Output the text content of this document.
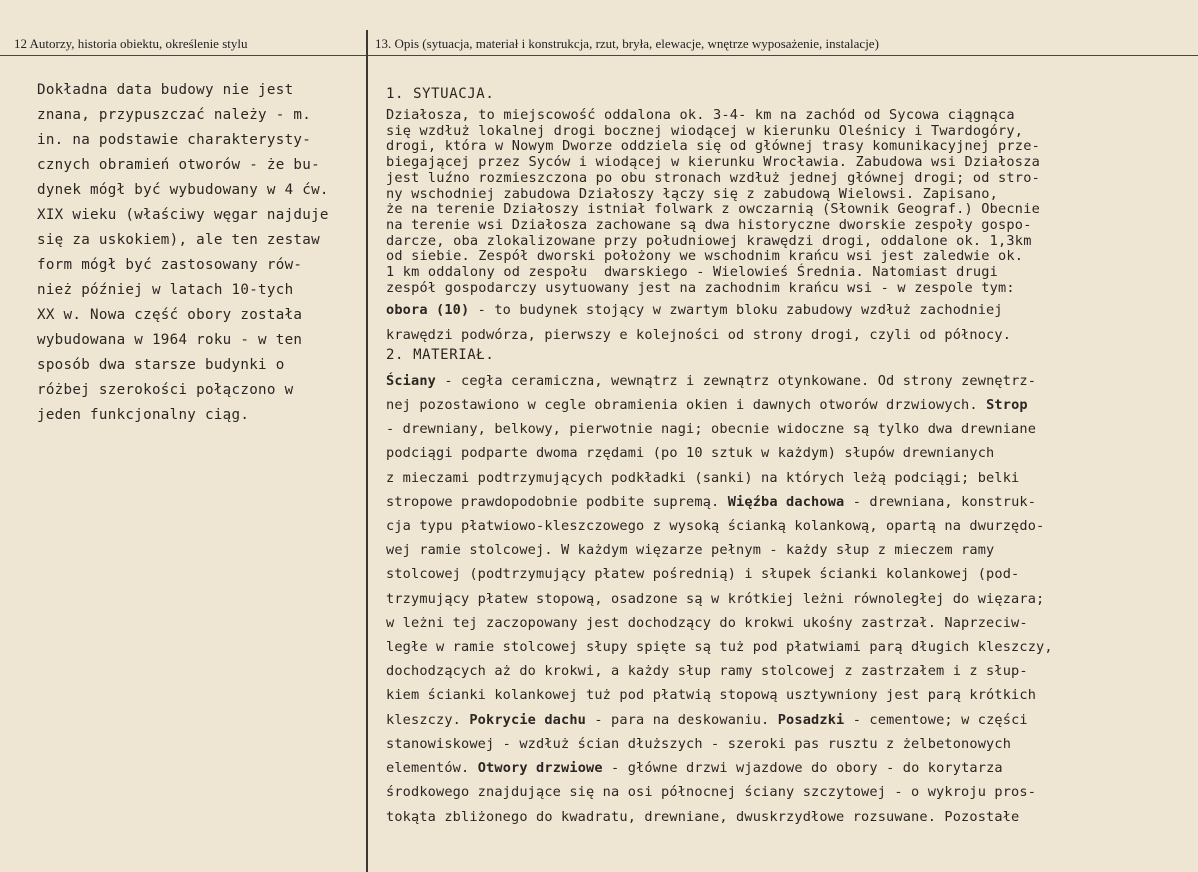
12 Autorzy, historia obiektu, określenie stylu	13. Opis (sytuacja, materiał i konstrukcja, rzut, bryła, elewacje, wnętrze wyposażenie, instalacje)
Dokładna data budowy nie jest
znana, przypuszczać należy - m.
in. na podstawie charakterysty-
cznych obramień otworów - że bu-
dynek mógł być wybudowany w 4 ćw.
XIX wieku (właściwy węgar najduje
się za uskokiem), ale ten zestaw
form mógł być zastosowany rów-
nież później w latach 10-tych
XX w. Nowa część obory została
wybudowana w 1964 roku - w ten
sposób dwa starsze budynki o
różbej szerokości połączono w
jeden funkcjonalny ciąg.
1. SYTUACJA.
Działosza, to miejscowość oddalona ok. 3-4- km na zachód od Sycowa ciągnąca
się wzdłuż lokalnej drogi bocznej wiodącej w kierunku Oleśnicy i Twardogóry,
drogi, która w Nowym Dworze oddziela się od głównej trasy komunikacyjnej prze-
biegającej przez Syców i wiodącej w kierunku Wrocławia. Zabudowa wsi Działosza
jest luźno rozmieszczona po obu stronach wzdłuż jednej głównej drogi; od stro-
ny wschodniej zabudowa Działoszy łączy się z zabudową Wielowsi. Zapisano,
że na terenie Działoszy istniał folwark z owczarnią (Słownik Geograf.) Obecnie
na terenie wsi Działosza zachowane są dwa historyczne dworskie zespoły gospo-
darcze, oba zlokalizowane przy południowej krawędzi drogi, oddalone ok. 1,3km
od siebie. Zespół dworski położony we wschodnim krańcu wsi jest zaledwie ok.
1 km oddalony od zespołu  dwarskiego - Wielowieś Średnia. Natomiast drugi
zespół gospodarczy usytuowany jest na zachodnim krańcu wsi - w zespole tym:
obora (10) - to budynek stojący w zwartym bloku zabudowy wzdłuż zachodniej
krawędzi podwórza, pierwszy e kolejności od strony drogi, czyli od północy.
2. MATERIAŁ.
Ściany - cegła ceramiczna, wewnątrz i zewnątrz otynkowane. Od strony zewnętrz-
nej pozostawiono w cegle obramienia okien i dawnych otworów drzwiowych. Strop
- drewniany, belkowy, pierwotnie nagi; obecnie widoczne są tylko dwa drewniane
podciągi podparte dwoma rzędami (po 10 sztuk w każdym) słupów drewnianych
z mieczami podtrzymujących podkładki (sanki) na których leżą podciągi; belki
stropowe prawdopodobnie podbite supremą. Więźba dachowa - drewniana, konstruk-
cja typu płatwiowo-kleszczowego z wysoką ścianką kolankową, opartą na dwurzędo-
wej ramie stolcowej. W każdym więzarze pełnym - każdy słup z mieczem ramy
stolcowej (podtrzymujący płatew pośrednią) i słupek ścianki kolankowej (pod-
trzymujący płatew stopową, osadzone są w krótkiej leżni równoległej do więzara;
w leżni tej zaczopowany jest dochodzący do krokwi ukośny zastrzał. Naprzeciw-
ległe w ramie stolcowej słupy spięte są tuż pod płatwiami parą długich kleszczy,
dochodzących aż do krokwi, a każdy słup ramy stolcowej z zastrzałem i z słup-
kiem ścianki kolankowej tuż pod płatwią stopową usztywniony jest parą krótkich
kleszczy. Pokrycie dachu - para na deskowaniu. Posadzki - cementowe; w części
stanowiskowej - wzdłuż ścian dłuższych - szeroki pas rusztu z żelbetonowych
elementów. Otwory drzwiowe - główne drzwi wjazdowe do obory - do korytarza
środkowego znajdujące się na osi północnej ściany szczytowej - o wykroju pros-
tokąta zbliżonego do kwadratu, drewniane, dwuskrzydłowe rozsuwane. Pozostałe
